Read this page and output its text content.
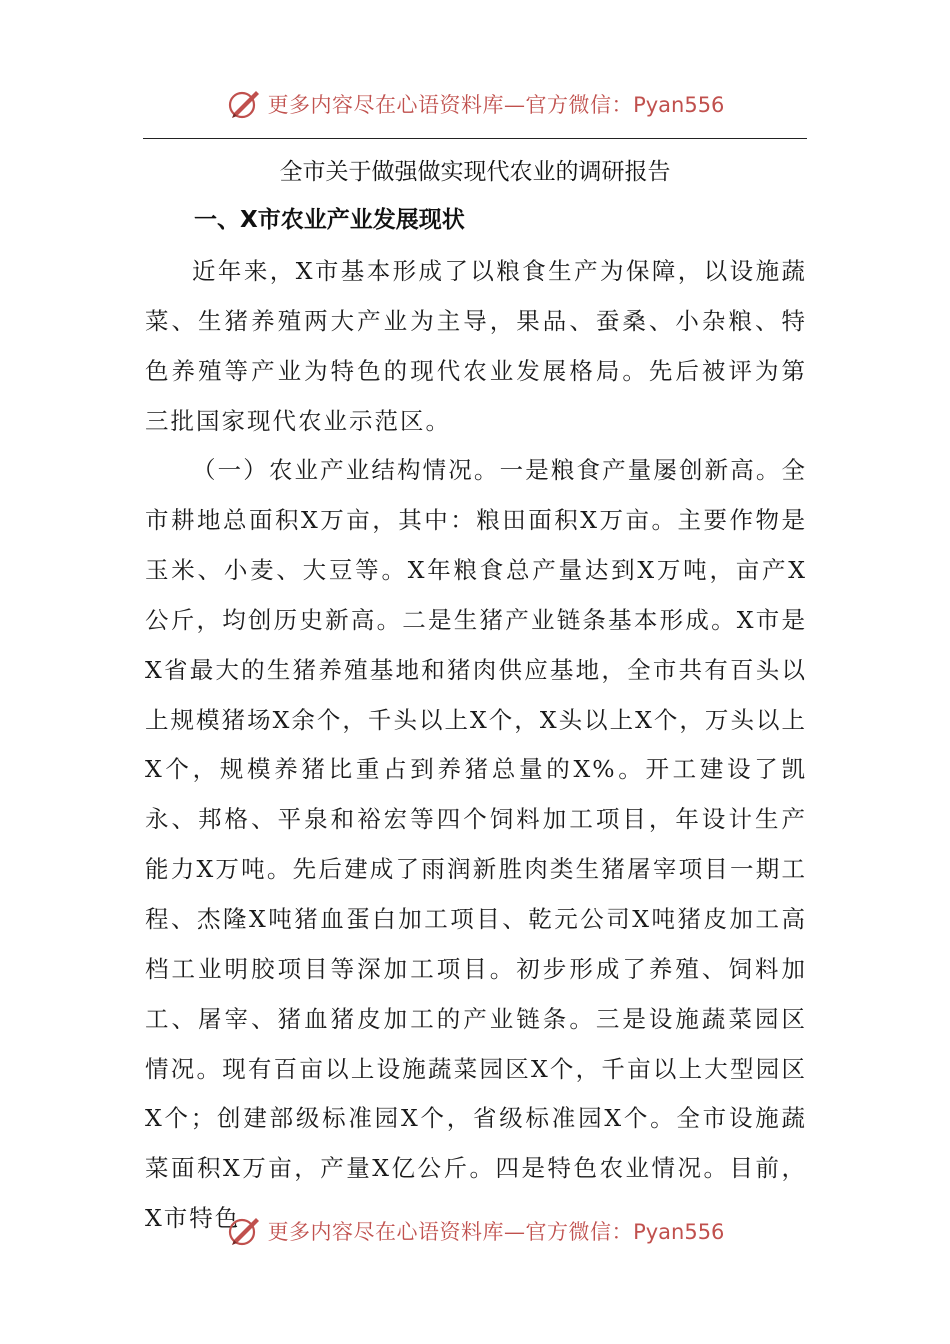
更多内容尽在心语资料库—官方微信：Pyan556
全市关于做强做实现代农业的调研报告
一、X市农业产业发展现状

近年来，X市基本形成了以粮食生产为保障，以设施蔬菜、生猪养殖两大产业为主导，果品、蚕桑、小杂粮、特色养殖等产业为特色的现代农业发展格局。先后被评为第三批国家现代农业示范区。

（一）农业产业结构情况。一是粮食产量屡创新高。全市耕地总面积X万亩，其中：粮田面积X万亩。主要作物是玉米、小麦、大豆等。X年粮食总产量达到X万吨，亩产X公斤，均创历史新高。二是生猪产业链条基本形成。X市是X省最大的生猪养殖基地和猪肉供应基地，全市共有百头以上规模猪场X余个，千头以上X个，X头以上X个，万头以上X个，规模养猪比重占到养猪总量的X%。开工建设了凯永、邦格、平泉和裕宏等四个饲料加工项目，年设计生产能力X万吨。先后建成了雨润新胜肉类生猪屠宰项目一期工程、杰隆X吨猪血蛋白加工项目、乾元公司X吨猪皮加工高档工业明胶项目等深加工项目。初步形成了养殖、饲料加工、屠宰、猪血猪皮加工的产业链条。三是设施蔬菜园区情况。现有百亩以上设施蔬菜园区X个，千亩以上大型园区X个；创建部级标准园X个，省级标准园X个。全市设施蔬菜面积X万亩，产量X亿公斤。四是特色农业情况。目前，X市特色	更多内容尽在心语资料库—官方微信：Pyan556
